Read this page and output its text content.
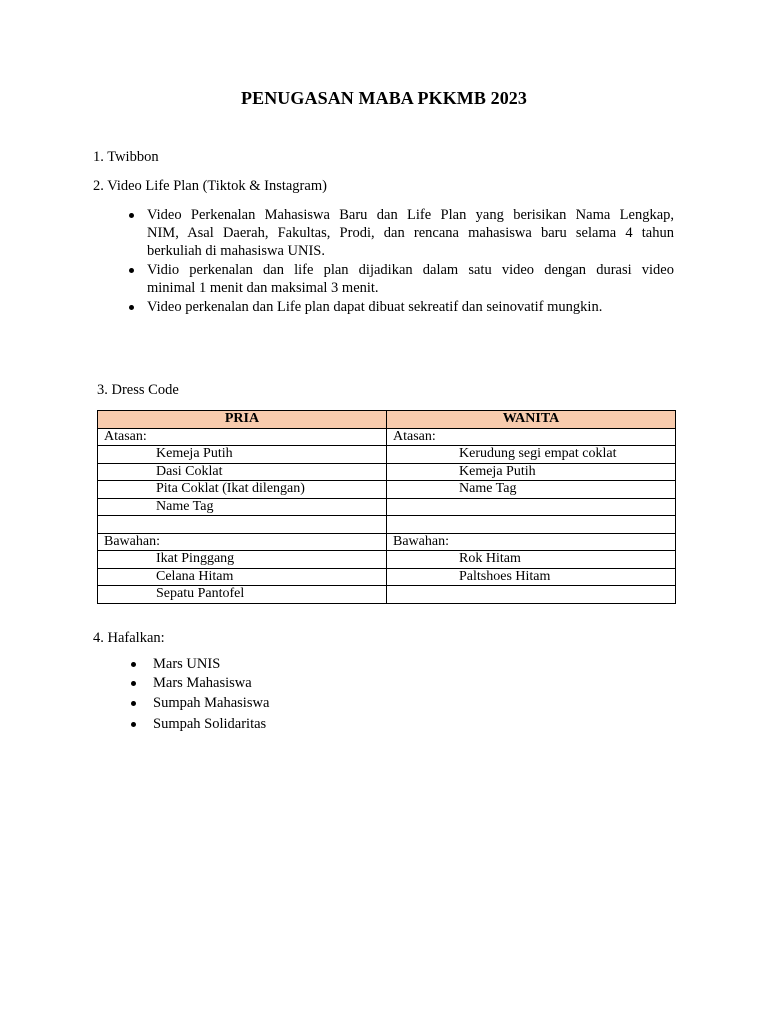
PENUGASAN MABA PKKMB 2023
1. Twibbon
2. Video Life Plan (Tiktok & Instagram)
Video Perkenalan Mahasiswa Baru dan Life Plan yang berisikan Nama Lengkap,
NIM, Asal Daerah, Fakultas, Prodi, dan rencana mahasiswa baru selama 4 tahun
berkuliah di mahasiswa UNIS.
Vidio perkenalan dan life plan dijadikan dalam satu video dengan durasi video
minimal 1 menit dan maksimal 3 menit.
Video perkenalan dan Life plan dapat dibuat sekreatif dan seinovatif mungkin.
3. Dress Code
PRIA	WANITA
Atasan:	Atasan:
Kemeja Putih	Kerudung segi empat coklat
Dasi Coklat	Kemeja Putih
Pita Coklat (Ikat dilengan)	Name Tag
Name Tag	

Bawahan:	Bawahan:
Ikat Pinggang	Rok Hitam
Celana Hitam	Paltshoes Hitam
Sepatu Pantofel	
4. Hafalkan:
Mars UNIS
Mars Mahasiswa
Sumpah Mahasiswa
Sumpah Solidaritas
